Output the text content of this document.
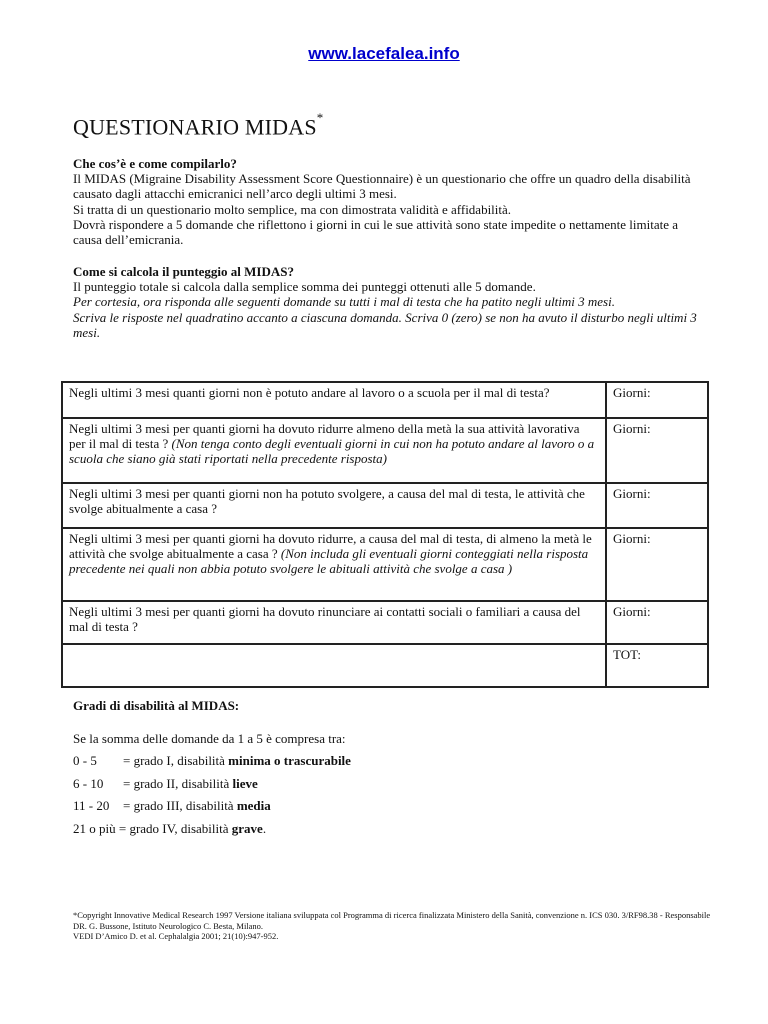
www.lacefalea.info
QUESTIONARIO MIDAS*

Che cos’è e come compilarlo?

Il MIDAS (Migraine Disability Assessment Score Questionnaire) è un questionario che offre un quadro della disabilità causato dagli attacchi emicranici nell’arco degli ultimi 3 mesi.

Si tratta di un questionario molto semplice, ma con dimostrata validità e affidabilità.

Dovrà rispondere a 5 domande che riflettono i giorni in cui le sue attività sono state impedite o nettamente limitate a causa dell’emicrania.

Come si calcola il punteggio al MIDAS?

Il punteggio totale si calcola dalla semplice somma dei punteggi ottenuti alle 5 domande.

Per cortesia, ora risponda alle seguenti domande su tutti i mal di testa che ha patito negli ultimi 3 mesi.

Scriva le risposte nel quadratino accanto a ciascuna domanda. Scriva 0 (zero) se non ha avuto il disturbo negli ultimi 3 mesi.

Negli ultimi 3 mesi quanti giorni non è potuto andare al lavoro o a scuola per il mal di testa?	Giorni:
Negli ultimi 3 mesi per quanti giorni ha dovuto ridurre almeno della metà la sua attività lavorativa per il mal di testa ? (Non tenga conto degli eventuali giorni in cui non ha potuto andare al lavoro o a scuola che siano già stati riportati nella precedente risposta)	Giorni:
Negli ultimi 3 mesi per quanti giorni non ha potuto svolgere, a causa del mal di testa, le attività che svolge abitualmente a casa ?	Giorni:
Negli ultimi 3 mesi per quanti giorni ha dovuto ridurre, a causa del mal di testa, di almeno la metà le attività che svolge abitualmente a casa ? (Non includa gli eventuali giorni conteggiati nella risposta precedente nei quali non abbia potuto svolgere le abituali attività che svolge a casa )	Giorni:
Negli ultimi 3 mesi per quanti giorni ha dovuto rinunciare ai contatti sociali o familiari a causa del mal di testa ?	Giorni:
	TOT:

Gradi di disabilità al MIDAS:

Se la somma delle domande da 1 a 5 è compresa tra:

0 - 5 = grado I, disabilità minima o trascurabile

6 - 10 = grado II, disabilità lieve

11 - 20 = grado III, disabilità media

21 o più = grado IV, disabilità grave.

*Copyright Innovative Medical Research 1997 Versione italiana sviluppata col Programma di ricerca finalizzata Ministero della Sanità, convenzione n. ICS 030. 3/RF98.38 - Responsabile DR. G. Bussone, Istituto Neurologico C. Besta, Milano.

VEDI D’Amico D. et al. Cephalalgia 2001; 21(10):947-952.
